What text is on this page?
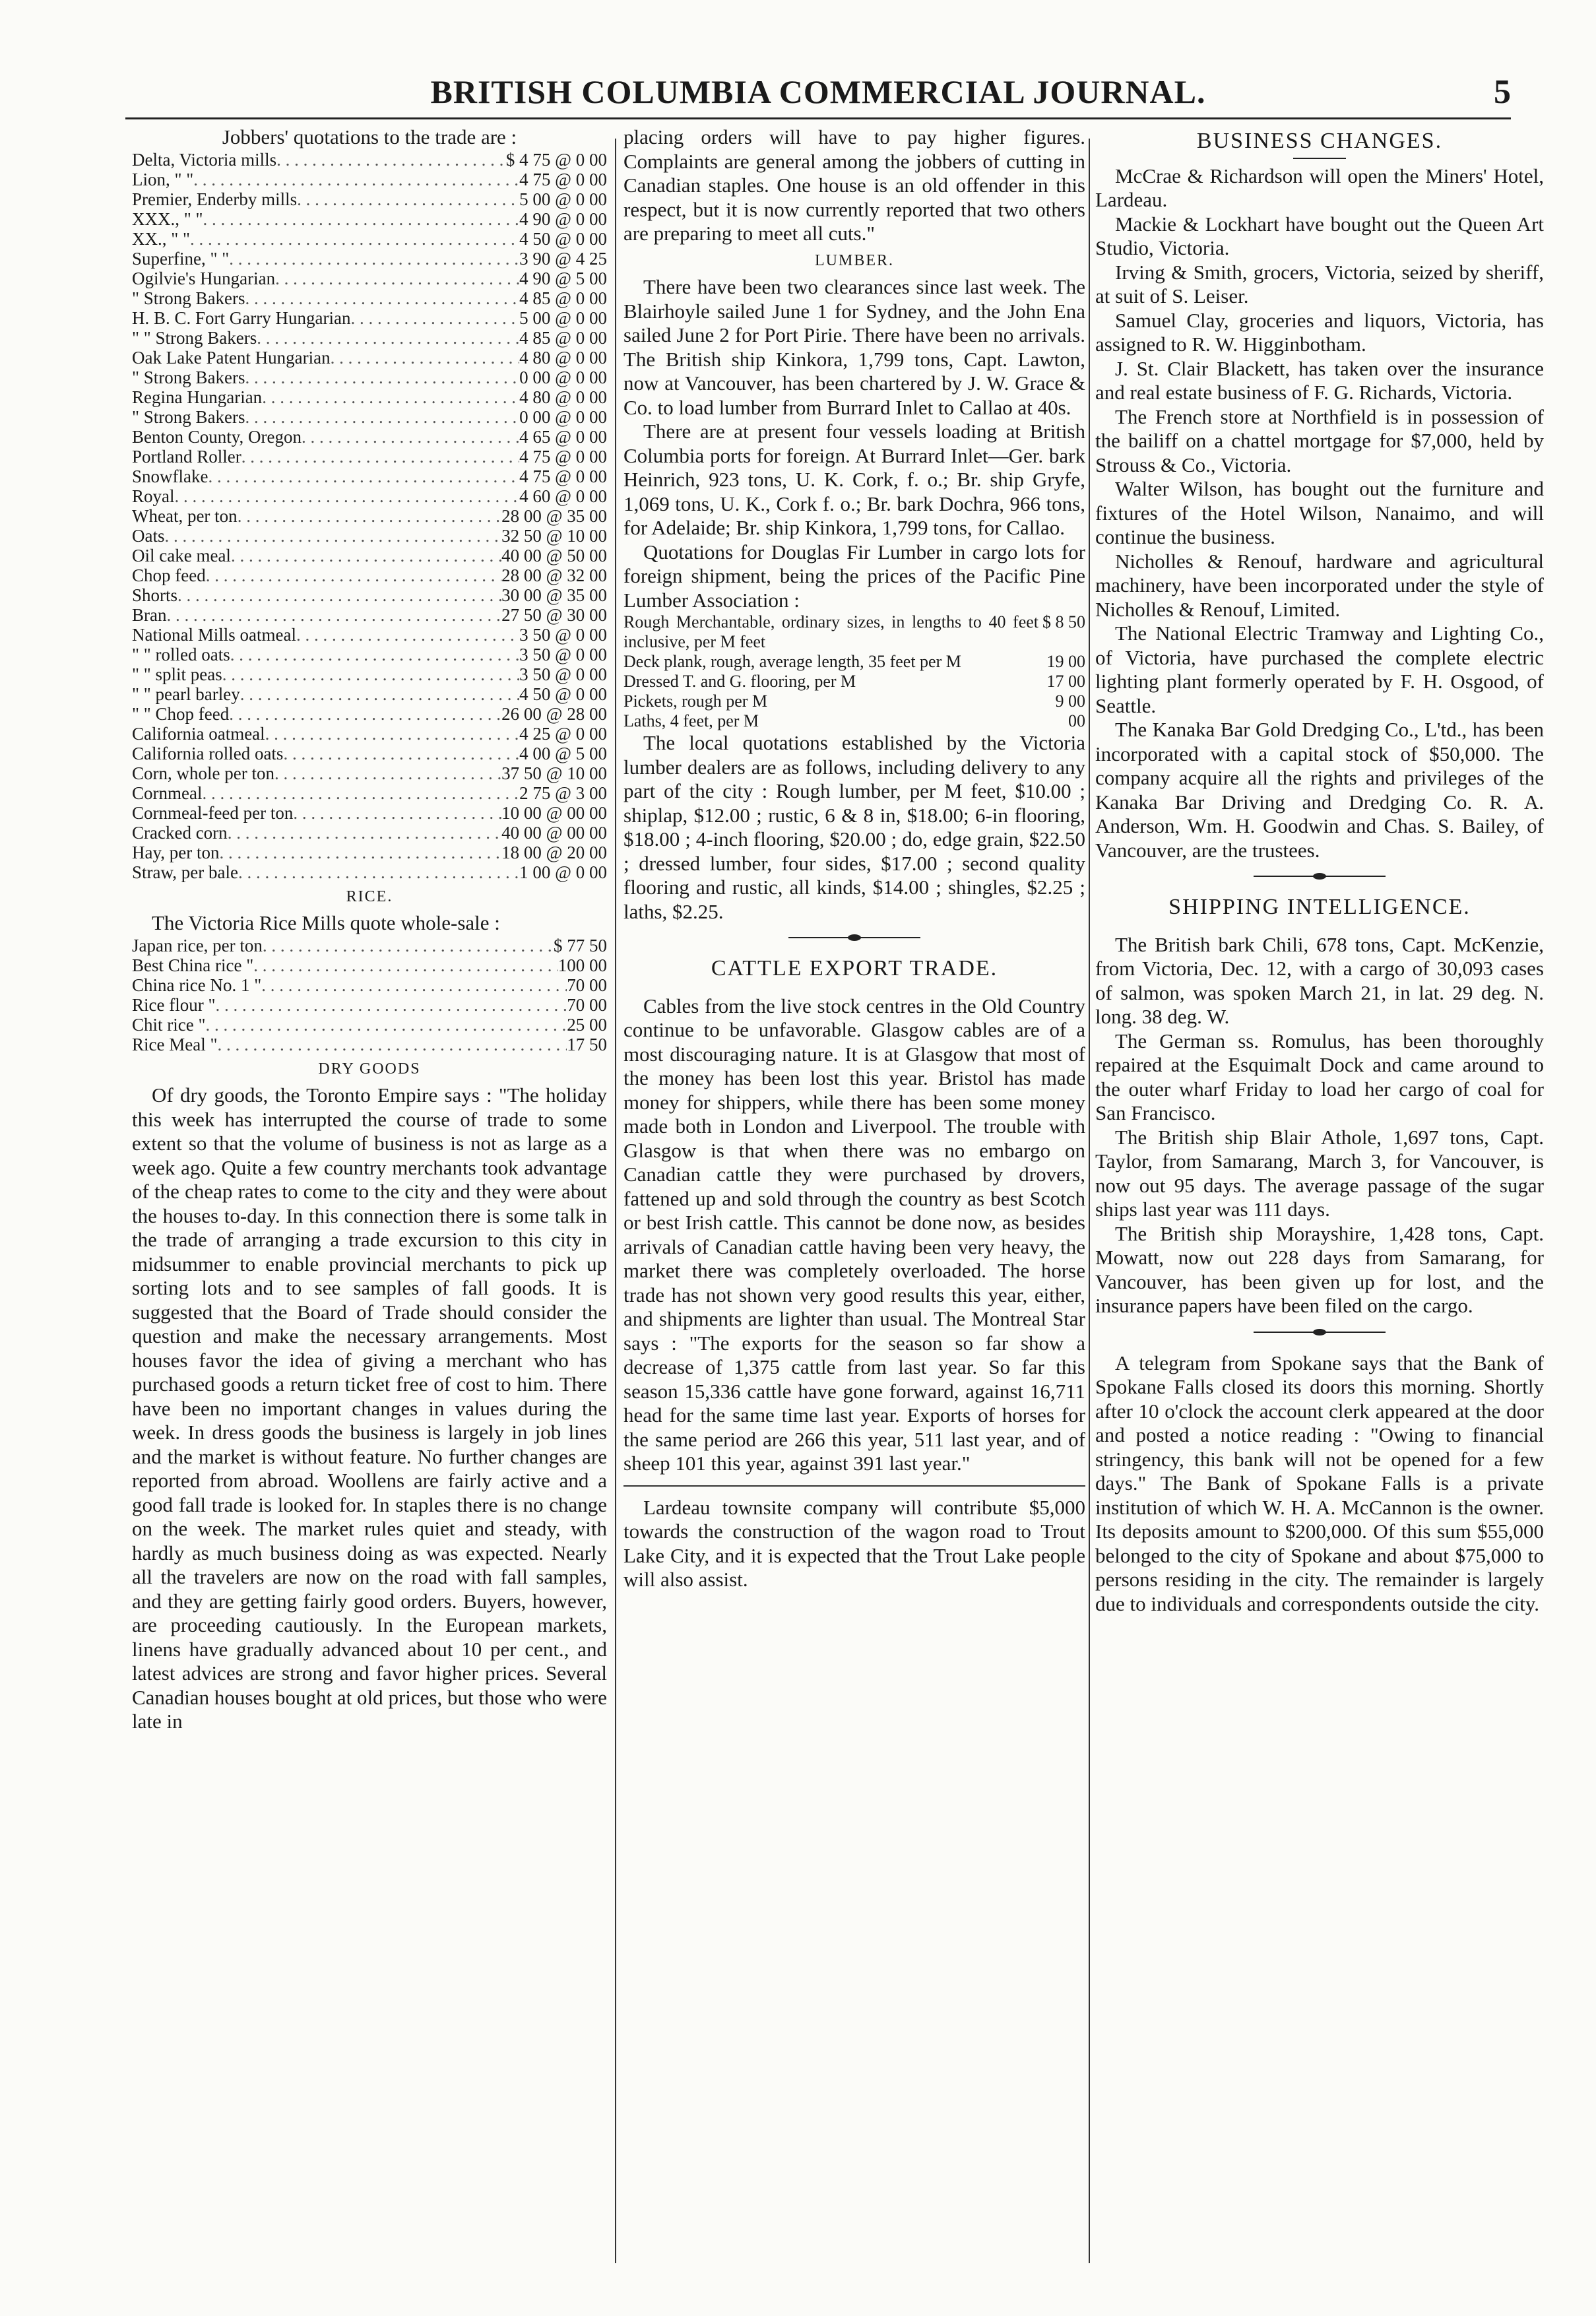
BRITISH COLUMBIA COMMERCIAL JOURNAL.	5

Jobbers' quotations to the trade are :

Delta, Victoria mills . . .	$ 4 75 @ 0 00
Lion, " " . . .	4 75 @ 0 00
Premier, Enderby mills . . .	5 00 @ 0 00
XXX., " " . . .	4 90 @ 0 00
XX., " " . . .	4 50 @ 0 00
Superfine, " " . . .	3 90 @ 4 25
Ogilvie's Hungarian . . .	4 90 @ 5 00
" Strong Bakers . . .	4 85 @ 0 00
H. B. C. Fort Garry Hungarian . . .	5 00 @ 0 00
" " Strong Bakers . . .	4 85 @ 0 00
Oak Lake Patent Hungarian . . .	4 80 @ 0 00
" Strong Bakers . . .	0 00 @ 0 00
Regina Hungarian . . .	4 80 @ 0 00
" Strong Bakers . . .	0 00 @ 0 00
Benton County, Oregon . . .	4 65 @ 0 00
Portland Roller . . .	4 75 @ 0 00
Snowflake . . .	4 75 @ 0 00
Royal . . .	4 60 @ 0 00
Wheat, per ton . . .	28 00 @ 35 00
Oats . . .	32 50 @ 10 00
Oil cake meal . . .	40 00 @ 50 00
Chop feed . . .	28 00 @ 32 00
Shorts . . .	30 00 @ 35 00
Bran . . .	27 50 @ 30 00
National Mills oatmeal . . .	3 50 @ 0 00
" " rolled oats . . .	3 50 @ 0 00
" " split peas . . .	3 50 @ 0 00
" " pearl barley . . .	4 50 @ 0 00
" " Chop feed . . .	26 00 @ 28 00
California oatmeal . . .	4 25 @ 0 00
California rolled oats . . .	4 00 @ 5 00
Corn, whole per ton . . .	37 50 @ 10 00
Cornmeal . . .	2 75 @ 3 00
Cornmeal-feed per ton . . .	10 00 @ 00 00
Cracked corn . . .	40 00 @ 00 00
Hay, per ton . . .	18 00 @ 20 00
Straw, per bale . . .	1 00 @ 0 00
RICE.

The Victoria Rice Mills quote whole-sale :

Japan rice, per ton . . .	$ 77 50
Best China rice " . . .	100 00
China rice No. 1 " . . .	70 00
Rice flour " . . .	70 00
Chit rice " . . .	25 00
Rice Meal " . . .	17 50
DRY GOODS

Of dry goods, the Toronto Empire says : "The holiday this week has interrupted the course of trade to some extent so that the volume of business is not as large as a week ago. Quite a few country merchants took advantage of the cheap rates to come to the city and they were about the houses to-day. In this connection there is some talk in the trade of arranging a trade excursion to this city in midsummer to enable provincial merchants to pick up sorting lots and to see samples of fall goods. It is suggested that the Board of Trade should consider the question and make the necessary arrangements. Most houses favor the idea of giving a merchant who has purchased goods a return ticket free of cost to him. There have been no important changes in values during the week. In dress goods the business is largely in job lines and the market is without feature. No further changes are reported from abroad. Woollens are fairly active and a good fall trade is looked for. In staples there is no change on the week. The market rules quiet and steady, with hardly as much business doing as was expected. Nearly all the travelers are now on the road with fall samples, and they are getting fairly good orders. Buyers, however, are proceeding cautiously. In the European markets, linens have gradually advanced about 10 per cent., and latest advices are strong and favor higher prices. Several Canadian houses bought at old prices, but those who were late in

placing orders will have to pay higher figures. Complaints are general among the jobbers of cutting in Canadian staples. One house is an old offender in this respect, but it is now currently reported that two others are preparing to meet all cuts."

LUMBER.

There have been two clearances since last week. The Blairhoyle sailed June 1 for Sydney, and the John Ena sailed June 2 for Port Pirie. There have been no arrivals. The British ship Kinkora, 1,799 tons, Capt. Lawton, now at Vancouver, has been chartered by J. W. Grace & Co. to load lumber from Burrard Inlet to Callao at 40s.

There are at present four vessels loading at British Columbia ports for foreign. At Burrard Inlet—Ger. bark Heinrich, 923 tons, U. K. Cork, f. o.; Br. ship Gryfe, 1,069 tons, U. K., Cork f. o.; Br. bark Dochra, 966 tons, for Adelaide; Br. ship Kinkora, 1,799 tons, for Callao.

Quotations for Douglas Fir Lumber in cargo lots for foreign shipment, being the prices of the Pacific Pine Lumber Association :

Rough Merchantable, ordinary sizes, in lengths to 40 feet inclusive, per M feet
$ 8 50
Deck plank, rough, average length, 35 feet per M	19 00
Dressed T. and G. flooring, per M	17 00
Pickets, rough per M	9 00
Laths, 4 feet, per M	00

The local quotations established by the Victoria lumber dealers are as follows, including delivery to any part of the city : Rough lumber, per M feet, $10.00 ; shiplap, $12.00 ; rustic, 6 & 8 in, $18.00; 6-in flooring, $18.00 ; 4-inch flooring, $20.00 ; do, edge grain, $22.50 ; dressed lumber, four sides, $17.00 ; second quality flooring and rustic, all kinds, $14.00 ; shingles, $2.25 ; laths, $2.25.

CATTLE EXPORT TRADE.

Cables from the live stock centres in the Old Country continue to be unfavorable. Glasgow cables are of a most discouraging nature. It is at Glasgow that most of the money has been lost this year. Bristol has made money for shippers, while there has been some money made both in London and Liverpool. The trouble with Glasgow is that when there was no embargo on Canadian cattle they were purchased by drovers, fattened up and sold through the country as best Scotch or best Irish cattle. This cannot be done now, as besides arrivals of Canadian cattle having been very heavy, the market there was completely overloaded. The horse trade has not shown very good results this year, either, and shipments are lighter than usual. The Montreal Star says : "The exports for the season so far show a decrease of 1,375 cattle from last year. So far this season 15,336 cattle have gone forward, against 16,711 head for the same time last year. Exports of horses for the same period are 266 this year, 511 last year, and of sheep 101 this year, against 391 last year."

Lardeau townsite company will contribute $5,000 towards the construction of the wagon road to Trout Lake City, and it is expected that the Trout Lake people will also assist.

BUSINESS CHANGES.

McCrae & Richardson will open the Miners' Hotel, Lardeau.

Mackie & Lockhart have bought out the Queen Art Studio, Victoria.

Irving & Smith, grocers, Victoria, seized by sheriff, at suit of S. Leiser.

Samuel Clay, groceries and liquors, Victoria, has assigned to R. W. Higginbotham.

J. St. Clair Blackett, has taken over the insurance and real estate business of F. G. Richards, Victoria.

The French store at Northfield is in possession of the bailiff on a chattel mortgage for $7,000, held by Strouss & Co., Victoria.

Walter Wilson, has bought out the furniture and fixtures of the Hotel Wilson, Nanaimo, and will continue the business.

Nicholles & Renouf, hardware and agricultural machinery, have been incorporated under the style of Nicholles & Renouf, Limited.

The National Electric Tramway and Lighting Co., of Victoria, have purchased the complete electric lighting plant formerly operated by F. H. Osgood, of Seattle.

The Kanaka Bar Gold Dredging Co., L'td., has been incorporated with a capital stock of $50,000. The company acquire all the rights and privileges of the Kanaka Bar Driving and Dredging Co. R. A. Anderson, Wm. H. Goodwin and Chas. S. Bailey, of Vancouver, are the trustees.

SHIPPING INTELLIGENCE.

The British bark Chili, 678 tons, Capt. McKenzie, from Victoria, Dec. 12, with a cargo of 30,093 cases of salmon, was spoken March 21, in lat. 29 deg. N. long. 38 deg. W.

The German ss. Romulus, has been thoroughly repaired at the Esquimalt Dock and came around to the outer wharf Friday to load her cargo of coal for San Francisco.

The British ship Blair Athole, 1,697 tons, Capt. Taylor, from Samarang, March 3, for Vancouver, is now out 95 days. The average passage of the sugar ships last year was 111 days.

The British ship Morayshire, 1,428 tons, Capt. Mowatt, now out 228 days from Samarang, for Vancouver, has been given up for lost, and the insurance papers have been filed on the cargo.

A telegram from Spokane says that the Bank of Spokane Falls closed its doors this morning. Shortly after 10 o'clock the account clerk appeared at the door and posted a notice reading : "Owing to financial stringency, this bank will not be opened for a few days." The Bank of Spokane Falls is a private institution of which W. H. A. McCannon is the owner. Its deposits amount to $200,000. Of this sum $55,000 belonged to the city of Spokane and about $75,000 to persons residing in the city. The remainder is largely due to individuals and correspondents outside the city.
